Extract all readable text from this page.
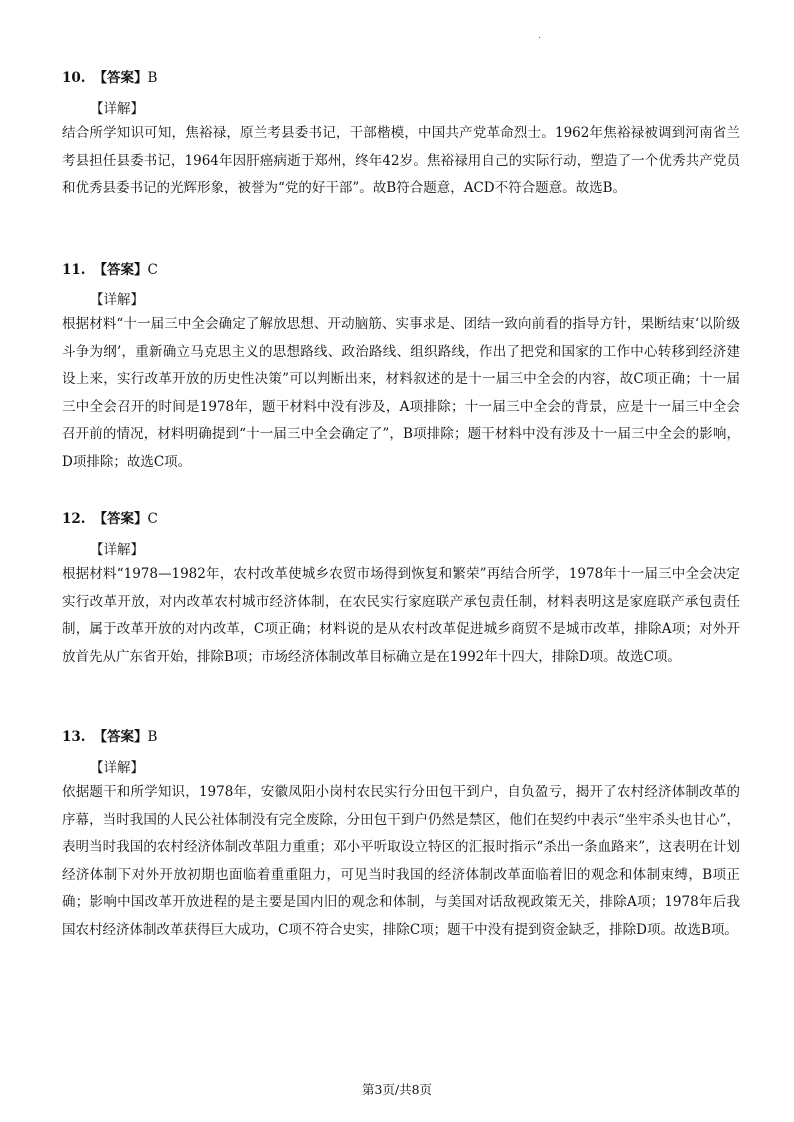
.
10. 【答案】B
【详解】
结合所学知识可知，焦裕禄，原兰考县委书记，干部楷模，中国共产党革命烈士。1962年焦裕禄被调到河南省兰考县担任县委书记，1964年因肝癌病逝于郑州，终年42岁。焦裕禄用自己的实际行动，塑造了一个优秀共产党员和优秀县委书记的光辉形象，被誉为“党的好干部”。故B符合题意，ACD不符合题意。故选B。
11. 【答案】C
【详解】
根据材料“十一届三中全会确定了解放思想、开动脑筋、实事求是、团结一致向前看的指导方针，果断结束‘以阶级斗争为纲’，重新确立马克思主义的思想路线、政治路线、组织路线，作出了把党和国家的工作中心转移到经济建设上来，实行改革开放的历史性决策”可以判断出来，材料叙述的是十一届三中全会的内容，故C项正确；十一届三中全会召开的时间是1978年，题干材料中没有涉及，A项排除；十一届三中全会的背景，应是十一届三中全会召开前的情况，材料明确提到“十一届三中全会确定了”，B项排除；题干材料中没有涉及十一届三中全会的影响，D项排除；故选C项。
12. 【答案】C
【详解】
根据材料“1978—1982年，农村改革使城乡农贸市场得到恢复和繁荣”再结合所学，1978年十一届三中全会决定实行改革开放，对内改革农村城市经济体制，在农民实行家庭联产承包责任制，材料表明这是家庭联产承包责任制，属于改革开放的对内改革，C项正确；材料说的是从农村改革促进城乡商贸不是城市改革，排除A项；对外开放首先从广东省开始，排除B项；市场经济体制改革目标确立是在1992年十四大，排除D项。故选C项。
13. 【答案】B
【详解】
依据题干和所学知识，1978年，安徽凤阳小岗村农民实行分田包干到户，自负盈亏，揭开了农村经济体制改革的序幕，当时我国的人民公社体制没有完全废除，分田包干到户仍然是禁区，他们在契约中表示“坐牢杀头也甘心”，表明当时我国的农村经济体制改革阻力重重；邓小平听取设立特区的汇报时指示“杀出一条血路来”，这表明在计划经济体制下对外开放初期也面临着重重阻力，可见当时我国的经济体制改革面临着旧的观念和体制束缚，B项正确；影响中国改革开放进程的是主要是国内旧的观念和体制，与美国对话敌视政策无关，排除A项；1978年后我国农村经济体制改革获得巨大成功，C项不符合史实，排除C项；题干中没有提到资金缺乏，排除D项。故选B项。
第3页/共8页
